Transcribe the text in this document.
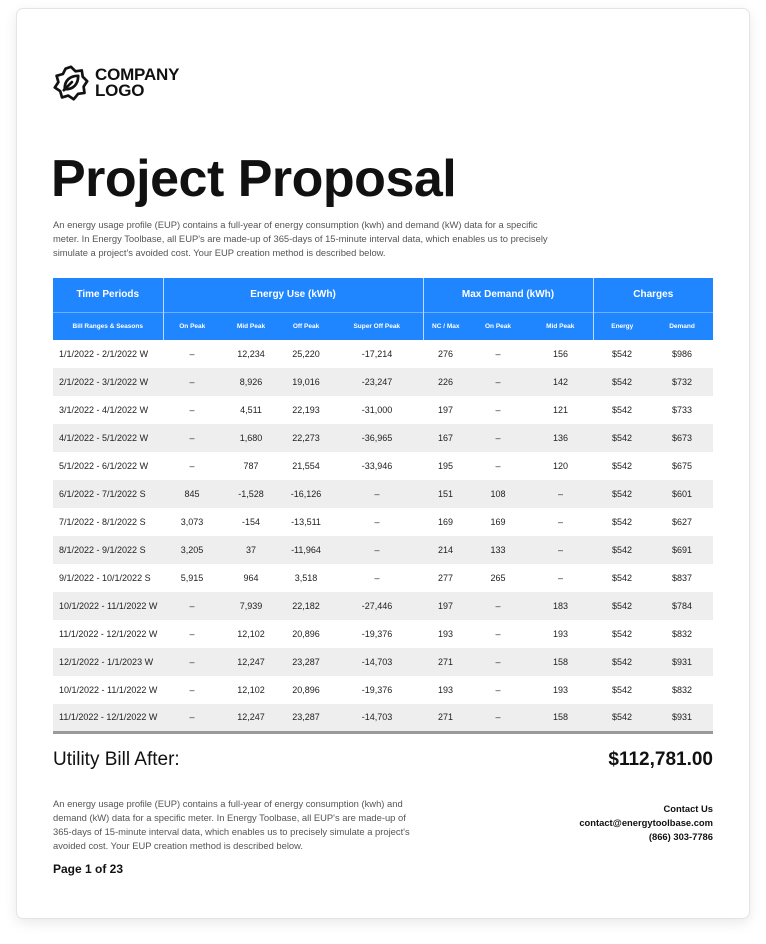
COMPANY
LOGO
Project Proposal

An energy usage profile (EUP) contains a full-year of energy consumption (kwh) and demand (kW) data for a specific meter. In Energy Toolbase, all EUP's are made-up of 365-days of 15-minute interval data, which enables us to precisely simulate a project's avoided cost. Your EUP creation method is described below.

Time Periods	Energy Use (kWh)				Max Demand (kWh)			Charges	
Bill Ranges & Seasons	On Peak	Mid Peak	Off Peak	Super Off Peak	NC / Max	On Peak	Mid Peak	Energy	Demand
1/1/2022 - 2/1/2022 W	–	12,234	25,220	-17,214	276	–	156	$542	$986
2/1/2022 - 3/1/2022 W	–	8,926	19,016	-23,247	226	–	142	$542	$732
3/1/2022 - 4/1/2022 W	–	4,511	22,193	-31,000	197	–	121	$542	$733
4/1/2022 - 5/1/2022 W	–	1,680	22,273	-36,965	167	–	136	$542	$673
5/1/2022 - 6/1/2022 W	–	787	21,554	-33,946	195	–	120	$542	$675
6/1/2022 - 7/1/2022 S	845	-1,528	-16,126	–	151	108	–	$542	$601
7/1/2022 - 8/1/2022 S	3,073	-154	-13,511	–	169	169	–	$542	$627
8/1/2022 - 9/1/2022 S	3,205	37	-11,964	–	214	133	–	$542	$691
9/1/2022 - 10/1/2022 S	5,915	964	3,518	–	277	265	–	$542	$837
10/1/2022 - 11/1/2022 W	–	7,939	22,182	-27,446	197	–	183	$542	$784
11/1/2022 - 12/1/2022 W	–	12,102	20,896	-19,376	193	–	193	$542	$832
12/1/2022 - 1/1/2023 W	–	12,247	23,287	-14,703	271	–	158	$542	$931
10/1/2022 - 11/1/2022 W	–	12,102	20,896	-19,376	193	–	193	$542	$832
11/1/2022 - 12/1/2022 W	–	12,247	23,287	-14,703	271	–	158	$542	$931
Utility Bill After:	$112,781.00

An energy usage profile (EUP) contains a full-year of energy consumption (kwh) and demand (kW) data for a specific meter. In Energy Toolbase, all EUP's are made-up of 365-days of 15-minute interval data, which enables us to precisely simulate a project's avoided cost. Your EUP creation method is described below.

Contact Us
contact@energytoolbase.com
(866) 303-7786
Page 1 of 23
